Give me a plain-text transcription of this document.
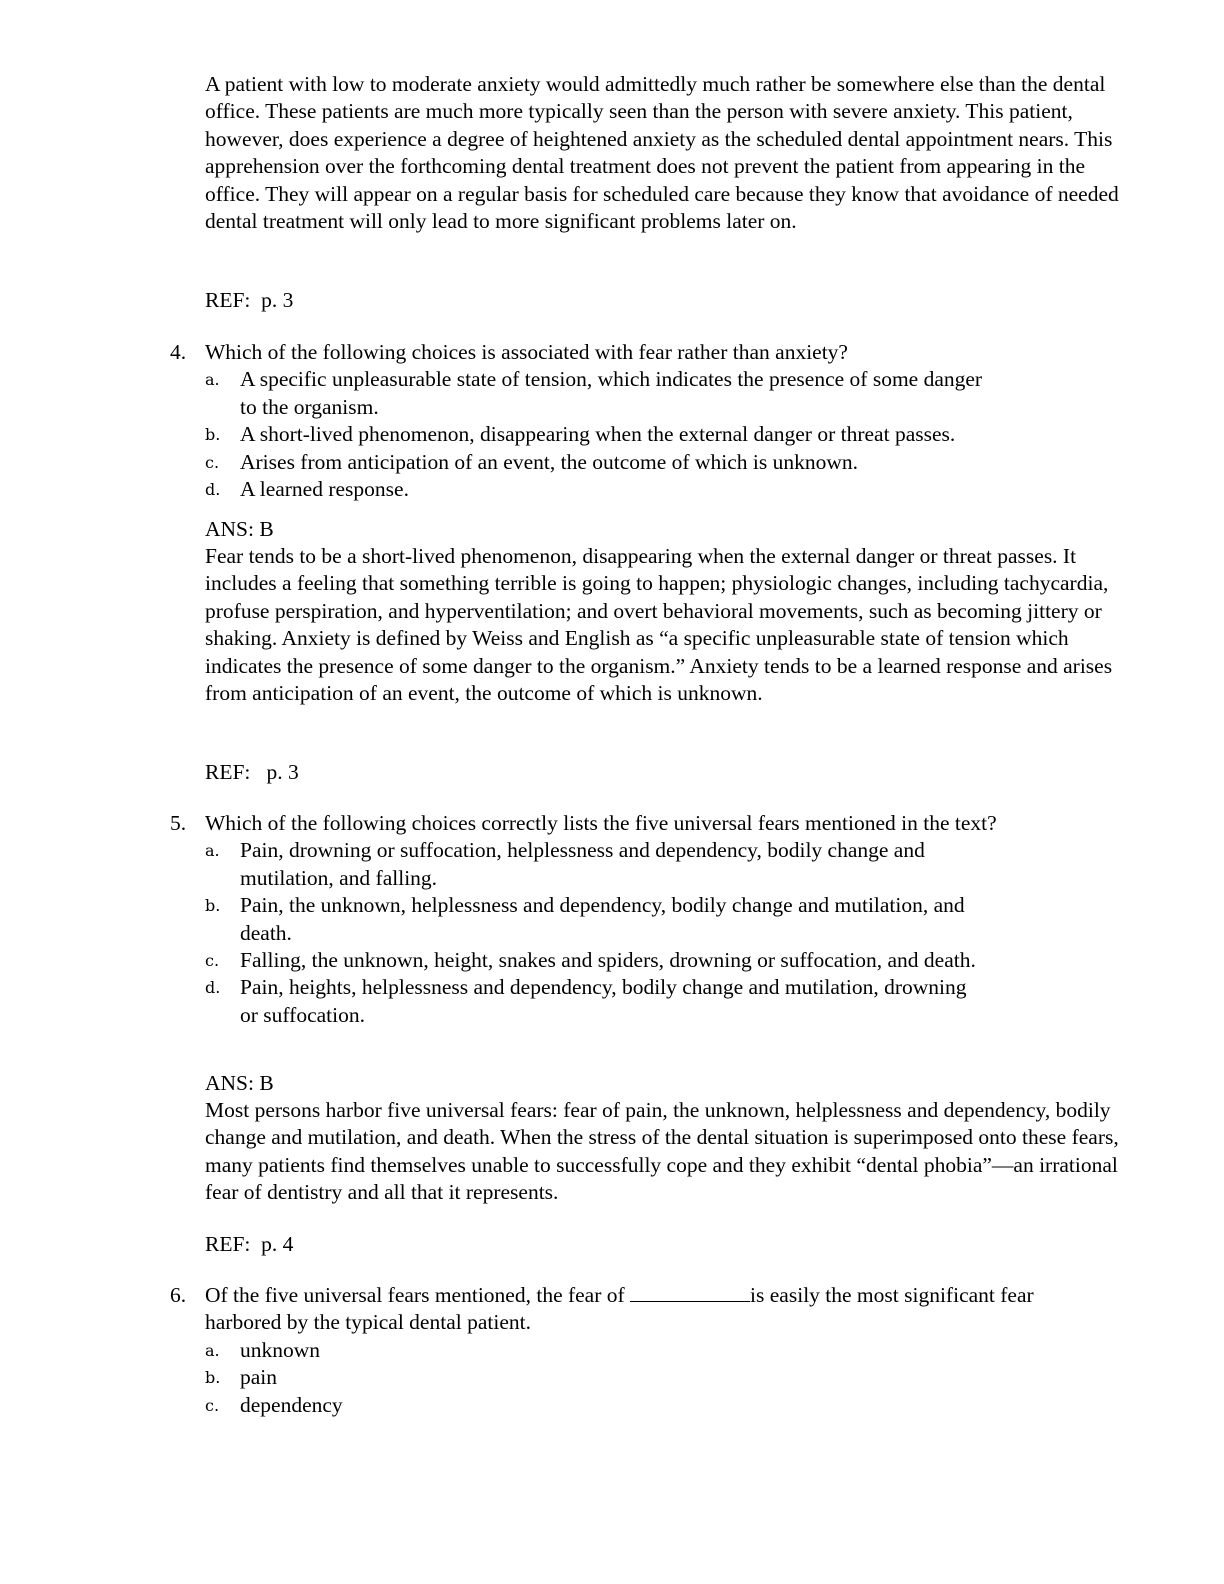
A patient with low to moderate anxiety would admittedly much rather be somewhere else than the dental office. These patients are much more typically seen than the person with severe anxiety. This patient, however, does experience a degree of heightened anxiety as the scheduled dental appointment nears. This apprehension over the forthcoming dental treatment does not prevent the patient from appearing in the office. They will appear on a regular basis for scheduled care because they know that avoidance of needed dental treatment will only lead to more significant problems later on.

REF:  p. 3

4. Which of the following choices is associated with fear rather than anxiety?
a. A specific unpleasurable state of tension, which indicates the presence of some danger to the organism.
b. A short-lived phenomenon, disappearing when the external danger or threat passes.
c. Arises from anticipation of an event, the outcome of which is unknown.
d. A learned response.

ANS: B

Fear tends to be a short-lived phenomenon, disappearing when the external danger or threat passes. It includes a feeling that something terrible is going to happen; physiologic changes, including tachycardia, profuse perspiration, and hyperventilation; and overt behavioral movements, such as becoming jittery or shaking. Anxiety is defined by Weiss and English as “a specific unpleasurable state of tension which indicates the presence of some danger to the organism.” Anxiety tends to be a learned response and arises from anticipation of an event, the outcome of which is unknown.

REF:   p. 3

5. Which of the following choices correctly lists the five universal fears mentioned in the text?
a. Pain, drowning or suffocation, helplessness and dependency, bodily change and mutilation, and falling.
b. Pain, the unknown, helplessness and dependency, bodily change and mutilation, and death.
c. Falling, the unknown, height, snakes and spiders, drowning or suffocation, and death.
d. Pain, heights, helplessness and dependency, bodily change and mutilation, drowning or suffocation.

ANS: B

Most persons harbor five universal fears: fear of pain, the unknown, helplessness and dependency, bodily change and mutilation, and death. When the stress of the dental situation is superimposed onto these fears, many patients find themselves unable to successfully cope and they exhibit “dental phobia”—an irrational fear of dentistry and all that it represents.

REF:  p. 4

6. Of the five universal fears mentioned, the fear of	is easily the most significant fear harbored by the typical dental patient.
a. unknown
b. pain
c. dependency
